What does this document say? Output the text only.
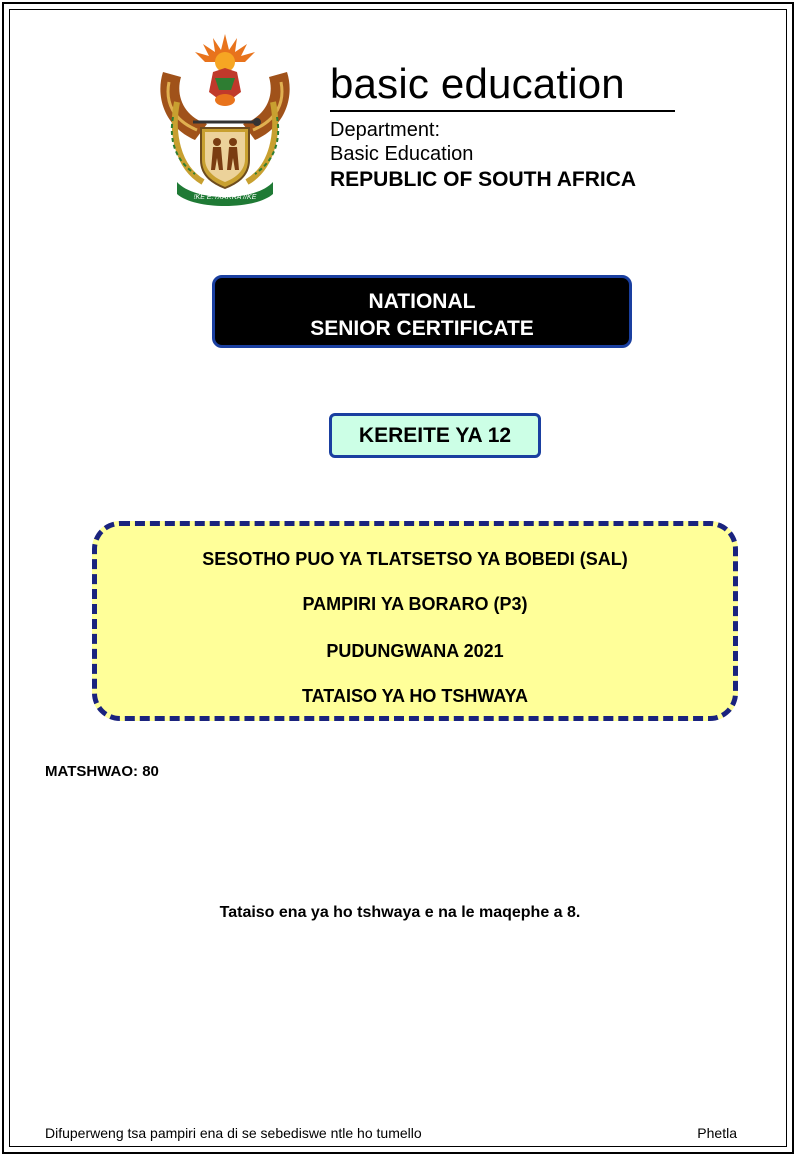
!KE E: /XARRA //KE
basic education
Department:
Basic Education
REPUBLIC OF SOUTH AFRICA
NATIONAL
SENIOR CERTIFICATE
KEREITE YA 12
SESOTHO PUO YA TLATSETSO YA BOBEDI (SAL)
PAMPIRI YA BORARO (P3)
PUDUNGWANA 2021
TATAISO YA HO TSHWAYA
MATSHWAO: 80
Tataiso ena ya ho tshwaya e na le maqephe a 8.
Difuperweng tsa pampiri ena di se sebediswe ntle ho tumello	Phetla
